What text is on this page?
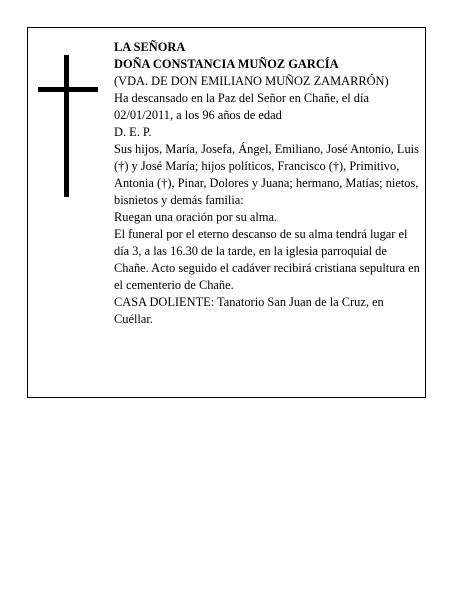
LA SEÑORA

DOÑA CONSTANCIA MUÑOZ GARCÍA

(VDA. DE DON EMILIANO MUÑOZ ZAMARRÓN)

Ha descansado en la Paz del Señor en Chañe, el día 02/01/2011, a los 96 años de edad

D. E. P.

Sus hijos, María, Josefa, Ángel, Emiliano, José Antonio, Luis (†) y José María; hijos políticos, Francisco (†), Primitivo, Antonia (†), Pinar, Dolores y Juana; hermano, Matías; nietos, bisnietos y demás familia:

Ruegan una oración por su alma.

El funeral por el eterno descanso de su alma tendrá lugar el día 3, a las 16.30 de la tarde, en la iglesia parroquial de Chañe. Acto seguido el cadáver recibirá cristiana sepultura en el cementerio de Chañe.

CASA DOLIENTE: Tanatorio San Juan de la Cruz, en Cuéllar.
